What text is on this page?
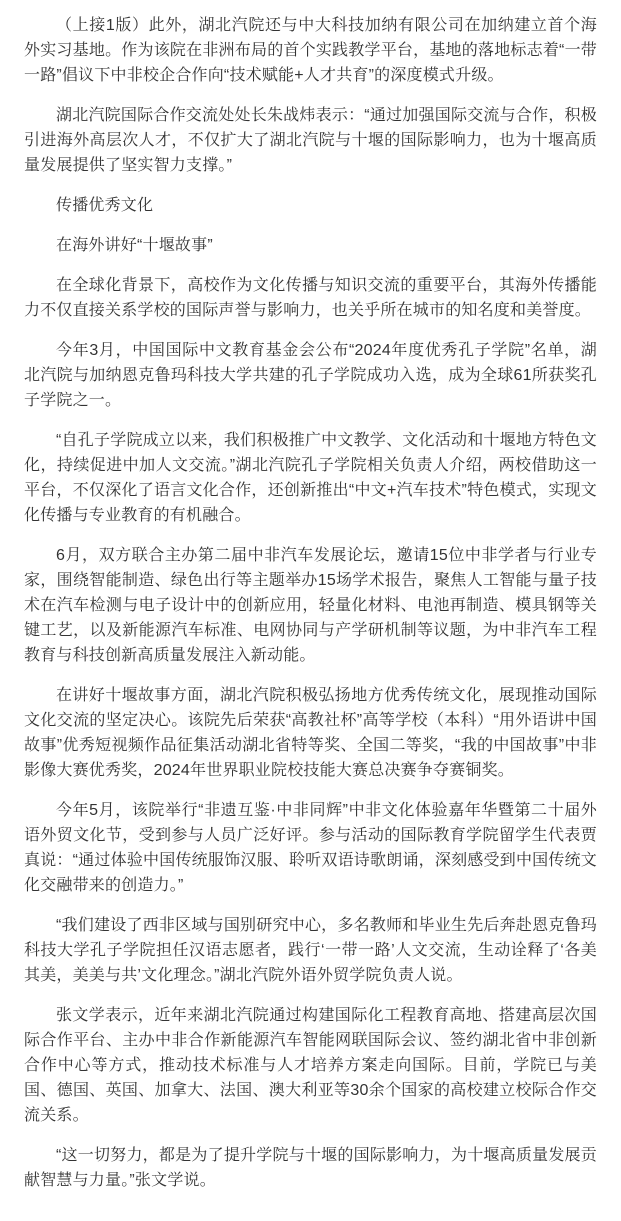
（上接1版）此外，湖北汽院还与中大科技加纳有限公司在加纳建立首个海外实习基地。作为该院在非洲布局的首个实践教学平台，基地的落地标志着“一带一路”倡议下中非校企合作向“技术赋能+人才共育”的深度模式升级。

湖北汽院国际合作交流处处长朱战炜表示：“通过加强国际交流与合作，积极引进海外高层次人才，不仅扩大了湖北汽院与十堰的国际影响力，也为十堰高质量发展提供了坚实智力支撑。”

传播优秀文化

在海外讲好“十堰故事”

在全球化背景下，高校作为文化传播与知识交流的重要平台，其海外传播能力不仅直接关系学校的国际声誉与影响力，也关乎所在城市的知名度和美誉度。

今年3月，中国国际中文教育基金会公布“2024年度优秀孔子学院”名单，湖北汽院与加纳恩克鲁玛科技大学共建的孔子学院成功入选，成为全球61所获奖孔子学院之一。

“自孔子学院成立以来，我们积极推广中文教学、文化活动和十堰地方特色文化，持续促进中加人文交流。”湖北汽院孔子学院相关负责人介绍，两校借助这一平台，不仅深化了语言文化合作，还创新推出“中文+汽车技术”特色模式，实现文化传播与专业教育的有机融合。

6月，双方联合主办第二届中非汽车发展论坛，邀请15位中非学者与行业专家，围绕智能制造、绿色出行等主题举办15场学术报告，聚焦人工智能与量子技术在汽车检测与电子设计中的创新应用，轻量化材料、电池再制造、模具钢等关键工艺，以及新能源汽车标准、电网协同与产学研机制等议题，为中非汽车工程教育与科技创新高质量发展注入新动能。

在讲好十堰故事方面，湖北汽院积极弘扬地方优秀传统文化，展现推动国际文化交流的坚定决心。该院先后荣获“高教社杯”高等学校（本科）“用外语讲中国故事”优秀短视频作品征集活动湖北省特等奖、全国二等奖，“我的中国故事”中非影像大赛优秀奖，2024年世界职业院校技能大赛总决赛争夺赛铜奖。

今年5月，该院举行“非遗互鉴·中非同辉”中非文化体验嘉年华暨第二十届外语外贸文化节，受到参与人员广泛好评。参与活动的国际教育学院留学生代表贾真说：“通过体验中国传统服饰汉服、聆听双语诗歌朗诵，深刻感受到中国传统文化交融带来的创造力。”

“我们建设了西非区域与国别研究中心，多名教师和毕业生先后奔赴恩克鲁玛科技大学孔子学院担任汉语志愿者，践行‘一带一路’人文交流，生动诠释了‘各美其美，美美与共’文化理念。”湖北汽院外语外贸学院负责人说。

张文学表示，近年来湖北汽院通过构建国际化工程教育高地、搭建高层次国际合作平台、主办中非合作新能源汽车智能网联国际会议、签约湖北省中非创新合作中心等方式，推动技术标准与人才培养方案走向国际。目前，学院已与美国、德国、英国、加拿大、法国、澳大利亚等30余个国家的高校建立校际合作交流关系。

“这一切努力，都是为了提升学院与十堰的国际影响力，为十堰高质量发展贡献智慧与力量。”张文学说。
